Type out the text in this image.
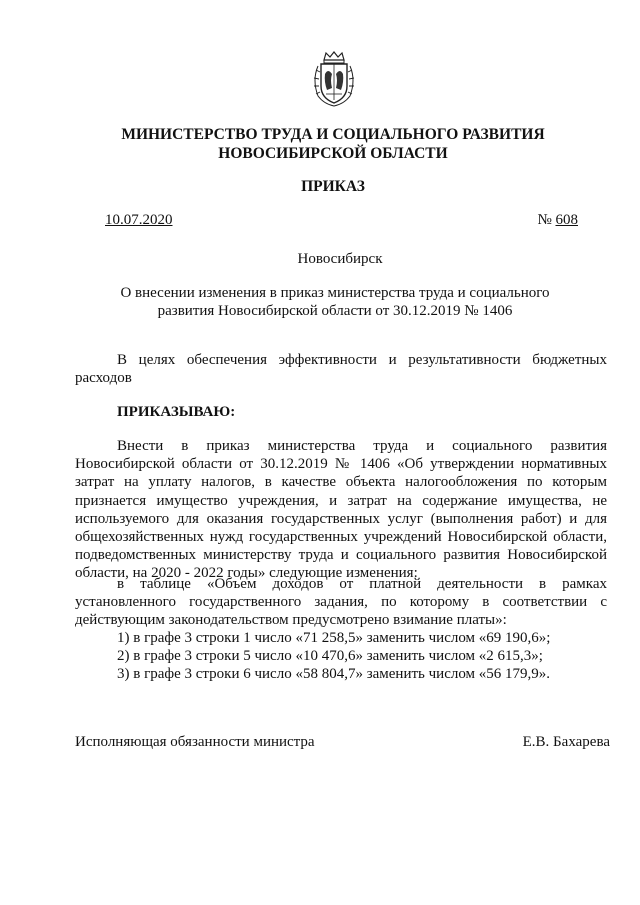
МИНИСТЕРСТВО ТРУДА И СОЦИАЛЬНОГО РАЗВИТИЯ
НОВОСИБИРСКОЙ ОБЛАСТИ
ПРИКАЗ
10.07.2020	№ 608
Новосибирск
О внесении изменения в приказ министерства труда и социального развития Новосибирской области от 30.12.2019 № 1406
В целях обеспечения эффективности и результативности бюджетных расходов
ПРИКАЗЫВАЮ:
Внести в приказ министерства труда и социального развития Новосибирской области от 30.12.2019 № 1406 «Об утверждении нормативных затрат на уплату налогов, в качестве объекта налогообложения по которым признается имущество учреждения, и затрат на содержание имущества, не используемого для оказания государственных услуг (выполнения работ) и для общехозяйственных нужд государственных учреждений Новосибирской области, подведомственных министерству труда и социального развития Новосибирской области, на 2020 - 2022 годы» следующие изменения:
в таблице «Объем доходов от платной деятельности в рамках установленного государственного задания, по которому в соответствии с действующим законодательством предусмотрено взимание платы»:
1) в графе 3 строки 1 число «71 258,5» заменить числом «69 190,6»;
2) в графе 3 строки 5 число «10 470,6» заменить числом «2 615,3»;
3) в графе 3 строки 6 число «58 804,7» заменить числом «56 179,9».
Исполняющая обязанности министра	Е.В. Бахарева
